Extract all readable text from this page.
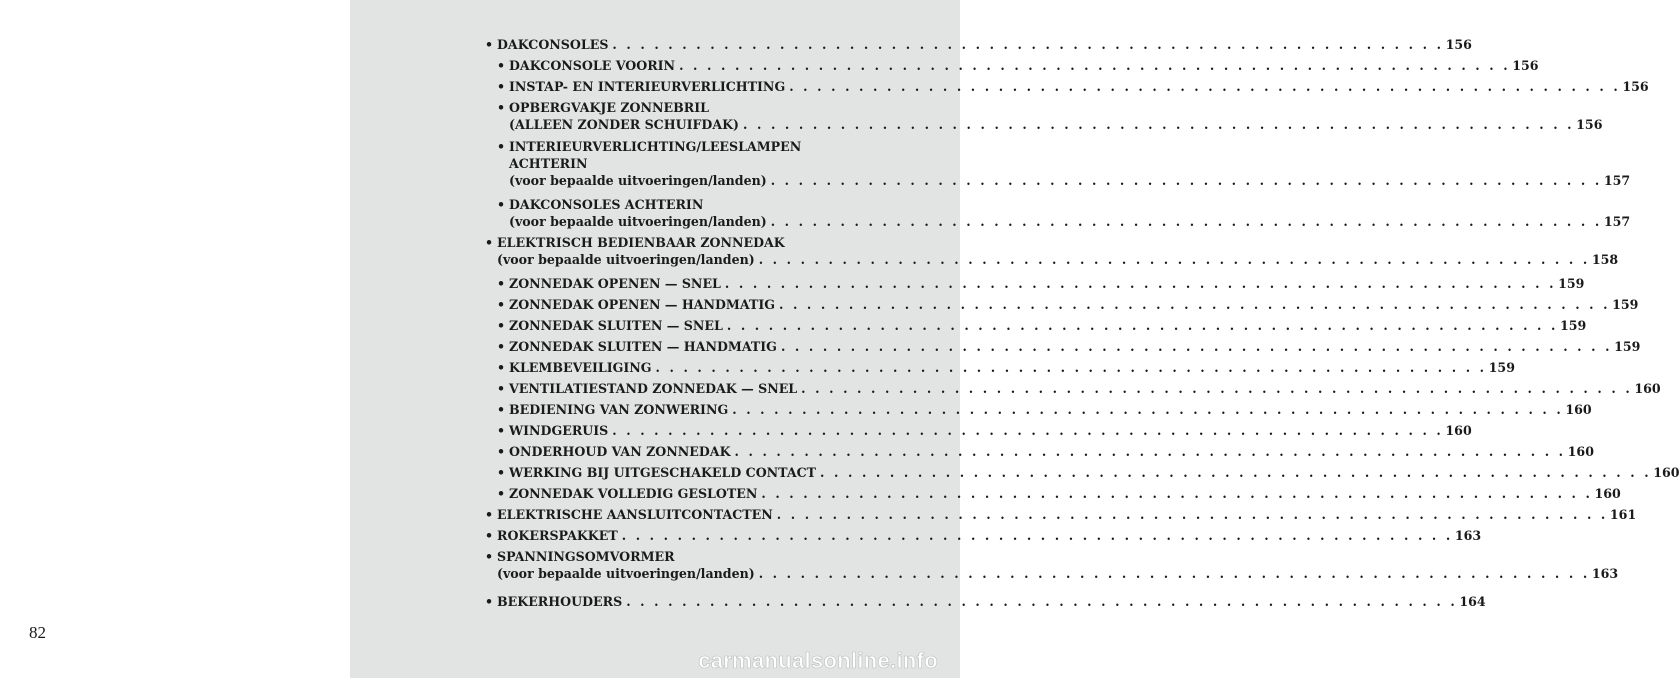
82
• DAKCONSOLES . . . . . . . . . . . . . . . . . . . . . . . . . . . . . . . . . . . . . . . . . . . . . . . . . . . . . . . . . . . . 156
• DAKCONSOLE VOORIN . . . . . . . . . . . . . . . . . . . . . . . . . . . . . . . . . . . . . . . . . . . . . . . . . . . . . . . . . . . . 156
• INSTAP- EN INTERIEURVERLICHTING . . . . . . . . . . . . . . . . . . . . . . . . . . . . . . . . . . . . . . . . . . . . . . . . . . . . . . . . . . . . 156
• OPBERGVAKJE ZONNEBRIL
(ALLEEN ZONDER SCHUIFDAK) . . . . . . . . . . . . . . . . . . . . . . . . . . . . . . . . . . . . . . . . . . . . . . . . . . . . . . . . . . . . 156
• INTERIEURVERLICHTING/LEESLAMPEN
ACHTERIN
(voor bepaalde uitvoeringen/landen) . . . . . . . . . . . . . . . . . . . . . . . . . . . . . . . . . . . . . . . . . . . . . . . . . . . . . . . . . . . . 157
• DAKCONSOLES ACHTERIN
(voor bepaalde uitvoeringen/landen) . . . . . . . . . . . . . . . . . . . . . . . . . . . . . . . . . . . . . . . . . . . . . . . . . . . . . . . . . . . . 157
• ELEKTRISCH BEDIENBAAR ZONNEDAK
(voor bepaalde uitvoeringen/landen) . . . . . . . . . . . . . . . . . . . . . . . . . . . . . . . . . . . . . . . . . . . . . . . . . . . . . . . . . . . . 158
• ZONNEDAK OPENEN — SNEL . . . . . . . . . . . . . . . . . . . . . . . . . . . . . . . . . . . . . . . . . . . . . . . . . . . . . . . . . . . . 159
• ZONNEDAK OPENEN — HANDMATIG . . . . . . . . . . . . . . . . . . . . . . . . . . . . . . . . . . . . . . . . . . . . . . . . . . . . . . . . . . . . 159
• ZONNEDAK SLUITEN — SNEL . . . . . . . . . . . . . . . . . . . . . . . . . . . . . . . . . . . . . . . . . . . . . . . . . . . . . . . . . . . . 159
• ZONNEDAK SLUITEN — HANDMATIG . . . . . . . . . . . . . . . . . . . . . . . . . . . . . . . . . . . . . . . . . . . . . . . . . . . . . . . . . . . . 159
• KLEMBEVEILIGING . . . . . . . . . . . . . . . . . . . . . . . . . . . . . . . . . . . . . . . . . . . . . . . . . . . . . . . . . . . . 159
• VENTILATIESTAND ZONNEDAK — SNEL . . . . . . . . . . . . . . . . . . . . . . . . . . . . . . . . . . . . . . . . . . . . . . . . . . . . . . . . . . . . 160
• BEDIENING VAN ZONWERING . . . . . . . . . . . . . . . . . . . . . . . . . . . . . . . . . . . . . . . . . . . . . . . . . . . . . . . . . . . . 160
• WINDGERUIS . . . . . . . . . . . . . . . . . . . . . . . . . . . . . . . . . . . . . . . . . . . . . . . . . . . . . . . . . . . . 160
• ONDERHOUD VAN ZONNEDAK . . . . . . . . . . . . . . . . . . . . . . . . . . . . . . . . . . . . . . . . . . . . . . . . . . . . . . . . . . . . 160
• WERKING BIJ UITGESCHAKELD CONTACT . . . . . . . . . . . . . . . . . . . . . . . . . . . . . . . . . . . . . . . . . . . . . . . . . . . . . . . . . . . . 160
• ZONNEDAK VOLLEDIG GESLOTEN . . . . . . . . . . . . . . . . . . . . . . . . . . . . . . . . . . . . . . . . . . . . . . . . . . . . . . . . . . . . 160
• ELEKTRISCHE AANSLUITCONTACTEN . . . . . . . . . . . . . . . . . . . . . . . . . . . . . . . . . . . . . . . . . . . . . . . . . . . . . . . . . . . . 161
• ROKERSPAKKET . . . . . . . . . . . . . . . . . . . . . . . . . . . . . . . . . . . . . . . . . . . . . . . . . . . . . . . . . . . . 163
• SPANNINGSOMVORMER
(voor bepaalde uitvoeringen/landen) . . . . . . . . . . . . . . . . . . . . . . . . . . . . . . . . . . . . . . . . . . . . . . . . . . . . . . . . . . . . 163
• BEKERHOUDERS . . . . . . . . . . . . . . . . . . . . . . . . . . . . . . . . . . . . . . . . . . . . . . . . . . . . . . . . . . . . 164
carmanualsonline.info
